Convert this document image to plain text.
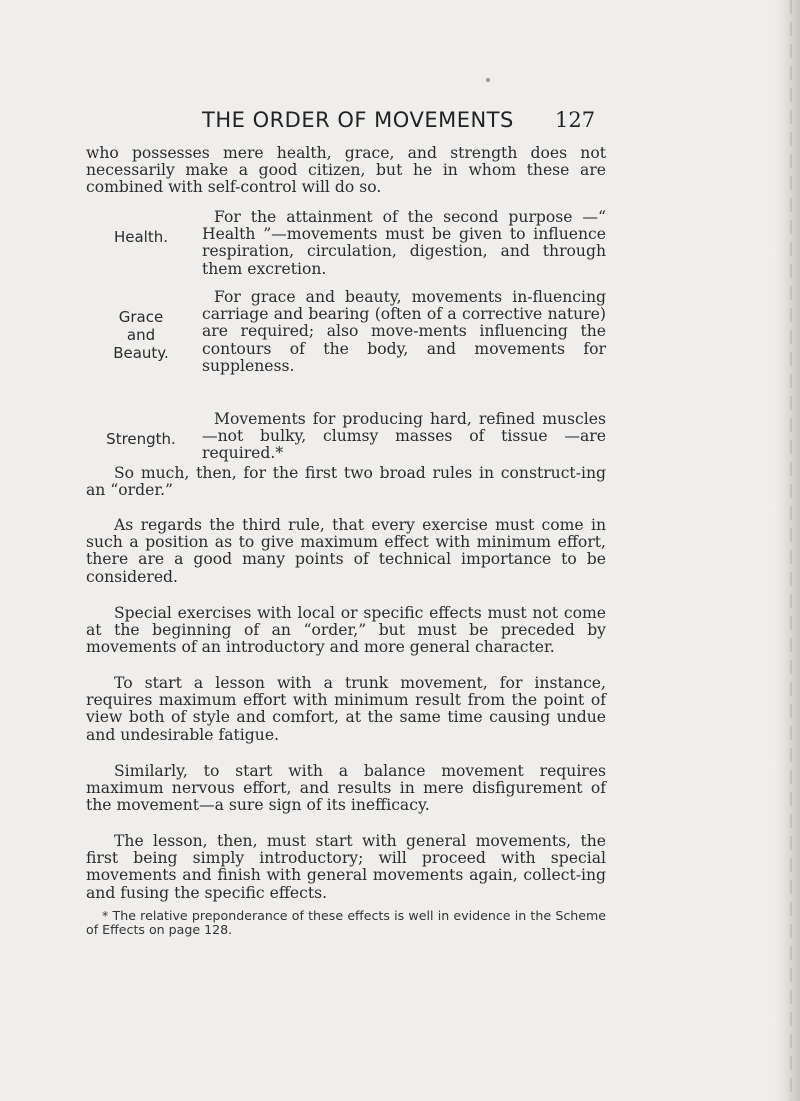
THE ORDER OF MOVEMENTS 127

who possesses mere health, grace, and strength does not necessarily make a good citizen, but he in whom these are combined with self-control will do so.

Health.

For the attainment of the second purpose —“ Health ”—movements must be given to influence respiration, circulation, digestion, and through them excretion.

Grace
and
Beauty.

For grace and beauty, movements in-fluencing carriage and bearing (often of a corrective nature) are required; also move-ments influencing the contours of the body, and movements for suppleness.

Strength.

Movements for producing hard, refined muscles—not bulky, clumsy masses of tissue —are required.*

So much, then, for the first two broad rules in construct-ing an “order.”

As regards the third rule, that every exercise must come in such a position as to give maximum effect with minimum effort, there are a good many points of technical importance to be considered.

Special exercises with local or specific effects must not come at the beginning of an “order,” but must be preceded by movements of an introductory and more general character.

To start a lesson with a trunk movement, for instance, requires maximum effort with minimum result from the point of view both of style and comfort, at the same time causing undue and undesirable fatigue.

Similarly, to start with a balance movement requires maximum nervous effort, and results in mere disfigurement of the movement—a sure sign of its inefficacy.

The lesson, then, must start with general movements, the first being simply introductory; will proceed with special movements and finish with general movements again, collect-ing and fusing the specific effects.

* The relative preponderance of these effects is well in evidence in the Scheme of Effects on page 128.
